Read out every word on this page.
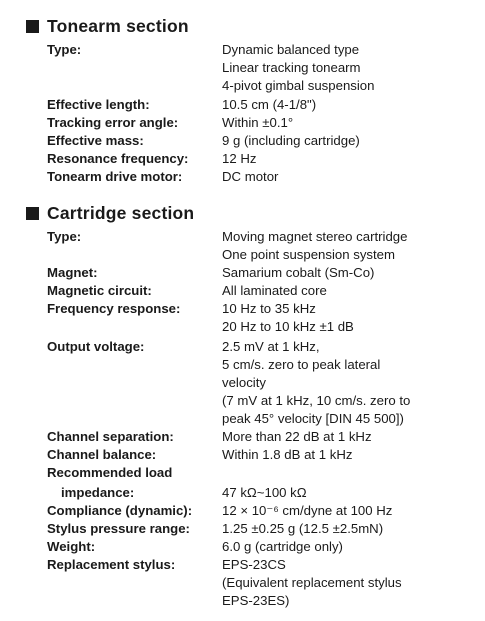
Tonearm section
Type:	Dynamic balanced type
Linear tracking tonearm
4-pivot gimbal suspension
Effective length:	10.5 cm (4-1/8")
Tracking error angle:	Within ±0.1°
Effective mass:	9 g (including cartridge)
Resonance frequency:	12 Hz
Tonearm drive motor:	DC motor
Cartridge section
Type:	Moving magnet stereo cartridge
One point suspension system
Magnet:	Samarium cobalt (Sm-Co)
Magnetic circuit:	All laminated core
Frequency response:	10 Hz to 35 kHz
20 Hz to 10 kHz ±1 dB
Output voltage:	2.5 mV at 1 kHz,
5 cm/s. zero to peak lateral
velocity
(7 mV at 1 kHz, 10 cm/s. zero to
peak 45° velocity [DIN 45 500])
Channel separation:	More than 22 dB at 1 kHz
Channel balance:	Within 1.8 dB at 1 kHz
Recommended load
impedance:	47 kΩ~100 kΩ
Compliance (dynamic):	12 × 10⁻⁶ cm/dyne at 100 Hz
Stylus pressure range:	1.25 ±0.25 g (12.5 ±2.5mN)
Weight:	6.0 g (cartridge only)
Replacement stylus:	EPS-23CS
(Equivalent replacement stylus
EPS-23ES)
